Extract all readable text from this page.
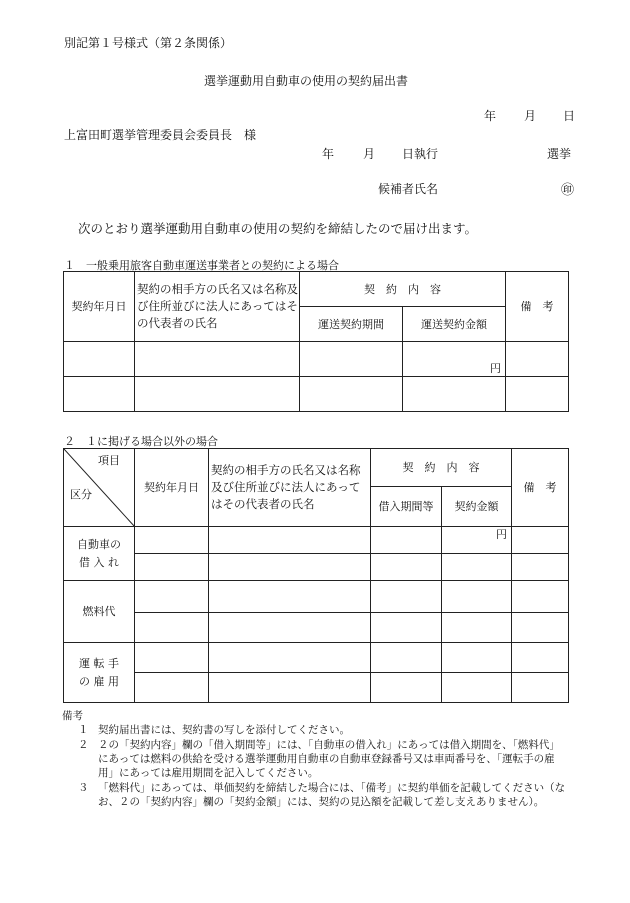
別記第１号様式（第２条関係）
選挙運動用自動車の使用の契約届出書
年 月 日
上富田町選挙管理委員会委員長　様
年 月 日執行	選挙
候補者氏名	㊞
次のとおり選挙運動用自動車の使用の契約を締結したので届け出ます。
１　一般乗用旅客自動車運送事業者との契約による場合
契約年月日	契約の相手方の氏名又は名称及び住所並びに法人にあってはその代表者の氏名	契　約　内　容		備　考
		運送契約期間	運送契約金額	
			円	

２　１に掲げる場合以外の場合
項目
区分	契約年月日	契約の相手方の氏名又は名称及び住所並びに法人にあってはその代表者の氏名	契　約　内　容		備　考
			借入期間等	契約金額	

自動車の
借 入 れ				円	

燃料代					

運 転 手
の 雇 用					

備考
１ 契約届出書には、契約書の写しを添付してください。
２ ２の「契約内容」欄の「借入期間等」には、「自動車の借入れ」にあっては借入期間を、「燃料代」にあっては燃料の供給を受ける選挙運動用自動車の自動車登録番号又は車両番号を、「運転手の雇用」にあっては雇用期間を記入してください。
３ 「燃料代」にあっては、単価契約を締結した場合には、「備考」に契約単価を記載してください（なお、２の「契約内容」欄の「契約金額」には、契約の見込額を記載して差し支えありません）。
